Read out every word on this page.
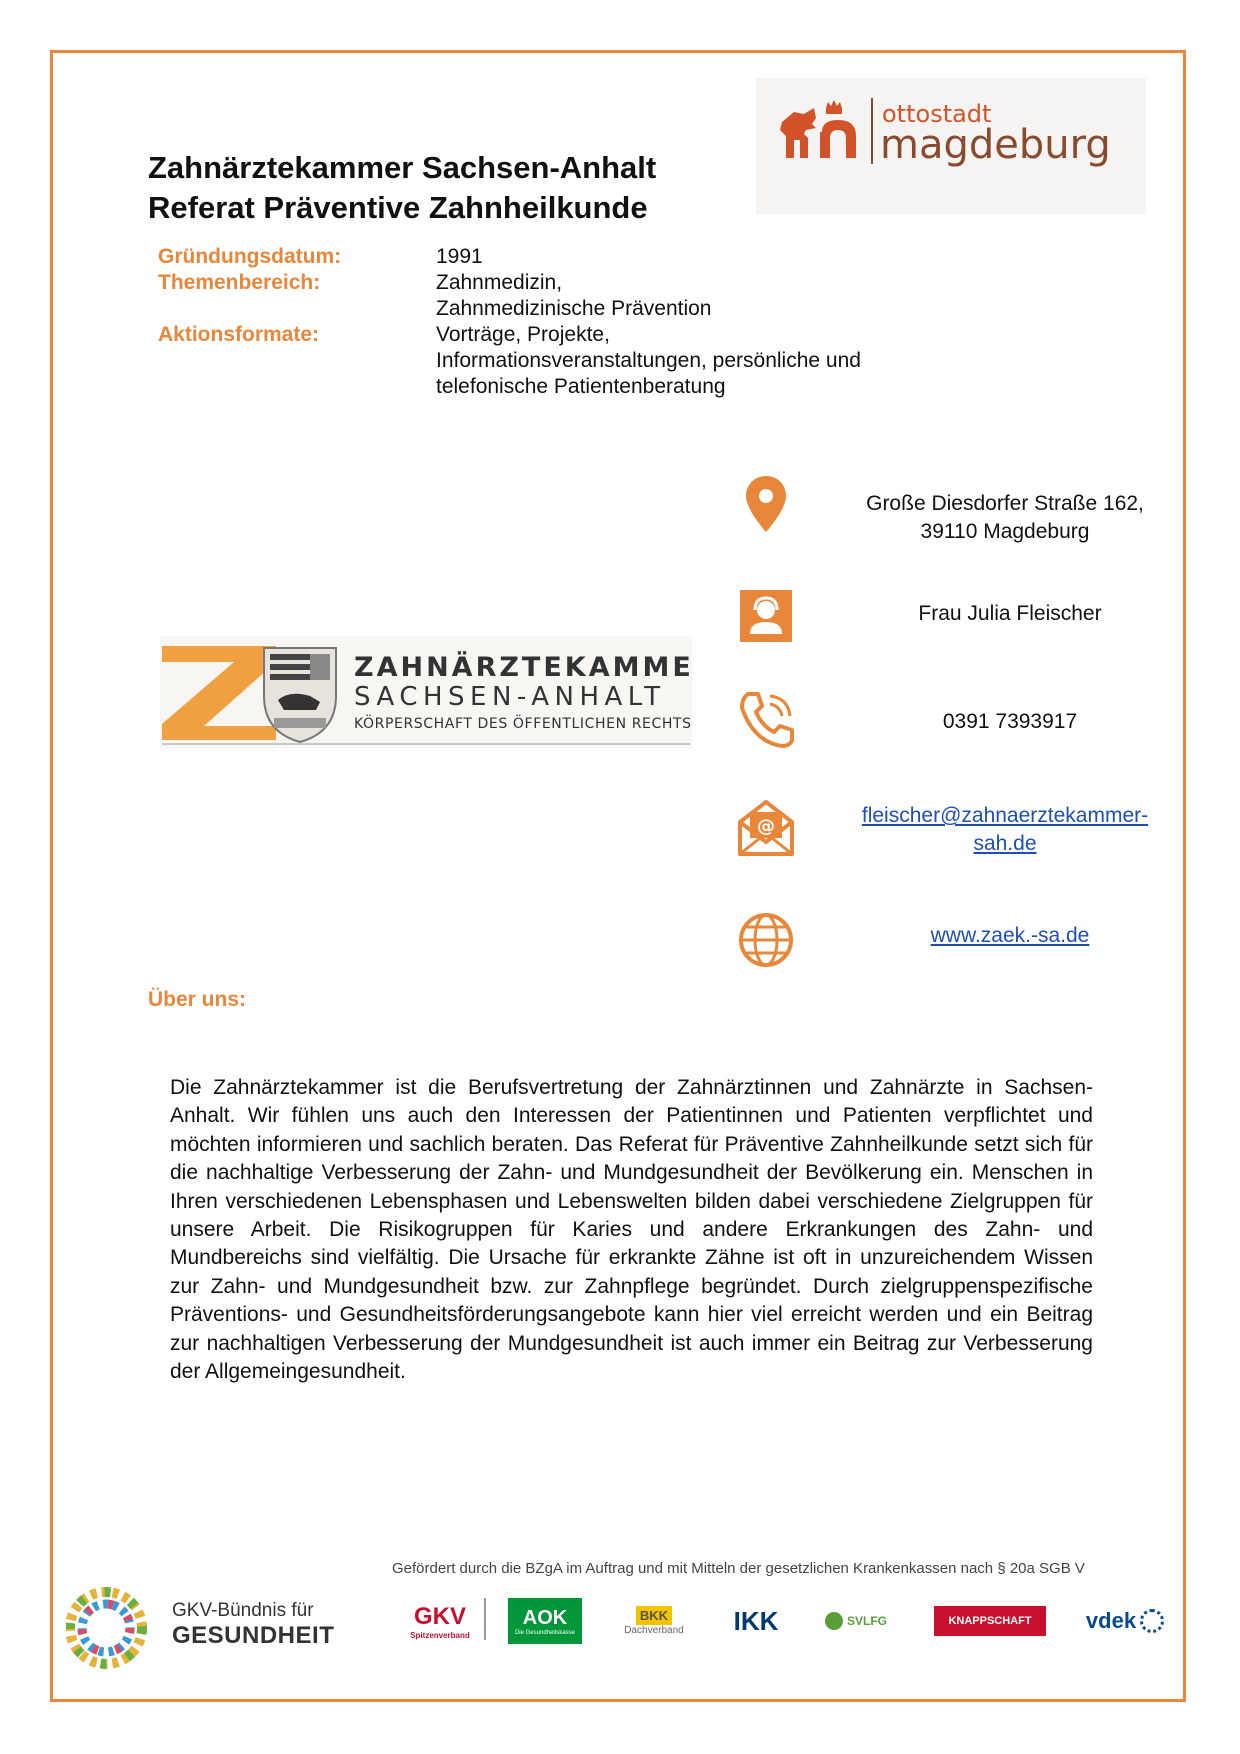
Zahnärztekammer Sachsen-Anhalt
Referat Präventive Zahnheilkunde
ottostadt
magdeburg
Gründungsdatum:	1991
Themenbereich:	Zahnmedizin,
Zahnmedizinische Prävention
Aktionsformate:	Vorträge, Projekte,
Informationsveranstaltungen, persönliche und
telefonische Patientenberatung
ZAHNÄRZTEKAMMER
SACHSEN-ANHALT
KÖRPERSCHAFT DES ÖFFENTLICHEN RECHTS
@
Große Diesdorfer Straße 162,
39110 Magdeburg
Frau Julia Fleischer
0391 7393917
fleischer@zahnaerztekammer-
sah.de
www.zaek.-sa.de
Über uns:
Die Zahnärztekammer ist die Berufsvertretung der Zahnärztinnen und Zahnärzte in Sachsen-Anhalt. Wir fühlen uns auch den Interessen der Patientinnen und Patienten verpflichtet und möchten informieren und sachlich beraten. Das Referat für Präventive Zahnheilkunde setzt sich für die nachhaltige Verbesserung der Zahn- und Mundgesundheit der Bevölkerung ein. Menschen in Ihren verschiedenen Lebensphasen und Lebenswelten bilden dabei verschiedene Zielgruppen für unsere Arbeit. Die Risikogruppen für Karies und andere Erkrankungen des Zahn- und Mundbereichs sind vielfältig. Die Ursache für erkrankte Zähne ist oft in unzureichendem Wissen zur Zahn- und Mundgesundheit bzw. zur Zahnpflege begründet. Durch zielgruppenspezifische Präventions- und Gesundheitsförderungsangebote kann hier viel erreicht werden und ein Beitrag zur nachhaltigen Verbesserung der Mundgesundheit ist auch immer ein Beitrag zur Verbesserung der Allgemeingesundheit.
Gefördert durch die BZgA im Auftrag und mit Mitteln der gesetzlichen Krankenkassen nach § 20a SGB V
GKV-Bündnis für
GESUNDHEIT
GKV
Spitzenverband
AOK
Die Gesundheitskasse
BKK
Dachverband IKK	SVLFG	KNAPPSCHAFT vdek
